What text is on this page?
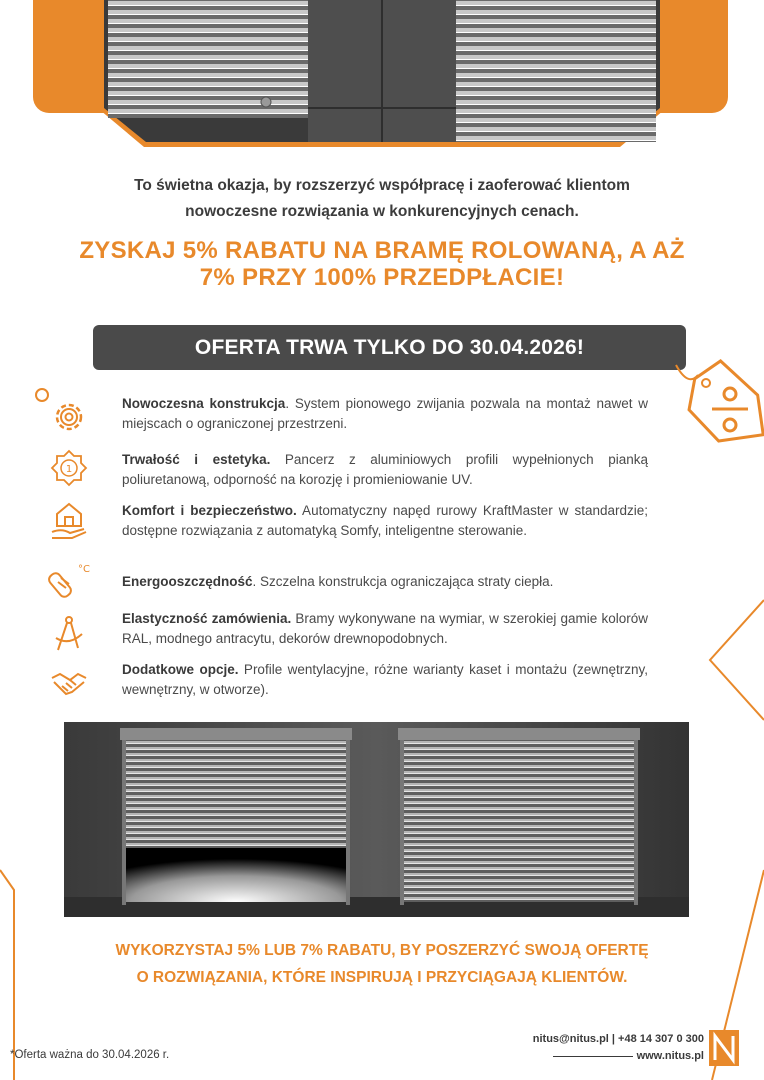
To świetna okazja, by rozszerzyć współpracę i zaoferować klientom
nowoczesne rozwiązania w konkurencyjnych cenach.
ZYSKAJ 5% RABATU NA BRAMĘ ROLOWANĄ, A AŻ
7% PRZY 100% PRZEDPŁACIE!
OFERTA TRWA TYLKO DO 30.04.2026!
1
°C
Nowoczesna konstrukcja. System pionowego zwijania pozwala na montaż nawet w miejscach o ograniczonej przestrzeni.
Trwałość i estetyka. Pancerz z aluminiowych profili wypełnionych pianką poliuretanową, odporność na korozję i promieniowanie UV.
Komfort i bezpieczeństwo. Automatyczny napęd rurowy KraftMaster w standardzie; dostępne rozwiązania z automatyką Somfy, inteligentne sterowanie.
Energooszczędność. Szczelna konstrukcja ograniczająca straty ciepła.
Elastyczność zamówienia. Bramy wykonywane na wymiar, w szerokiej gamie kolorów RAL, modnego antracytu, dekorów drewnopodobnych.
Dodatkowe opcje. Profile wentylacyjne, różne warianty kaset i montażu (zewnętrzny, wewnętrzny, w otworze).
WYKORZYSTAJ 5% LUB 7% RABATU, BY POSZERZYĆ SWOJĄ OFERTĘ
O ROZWIĄZANIA, KTÓRE INSPIRUJĄ I PRZYCIĄGAJĄ KLIENTÓW.
*Oferta ważna do 30.04.2026 r.
nitus@nitus.pl | +48 14 307 0 300
www.nitus.pl
